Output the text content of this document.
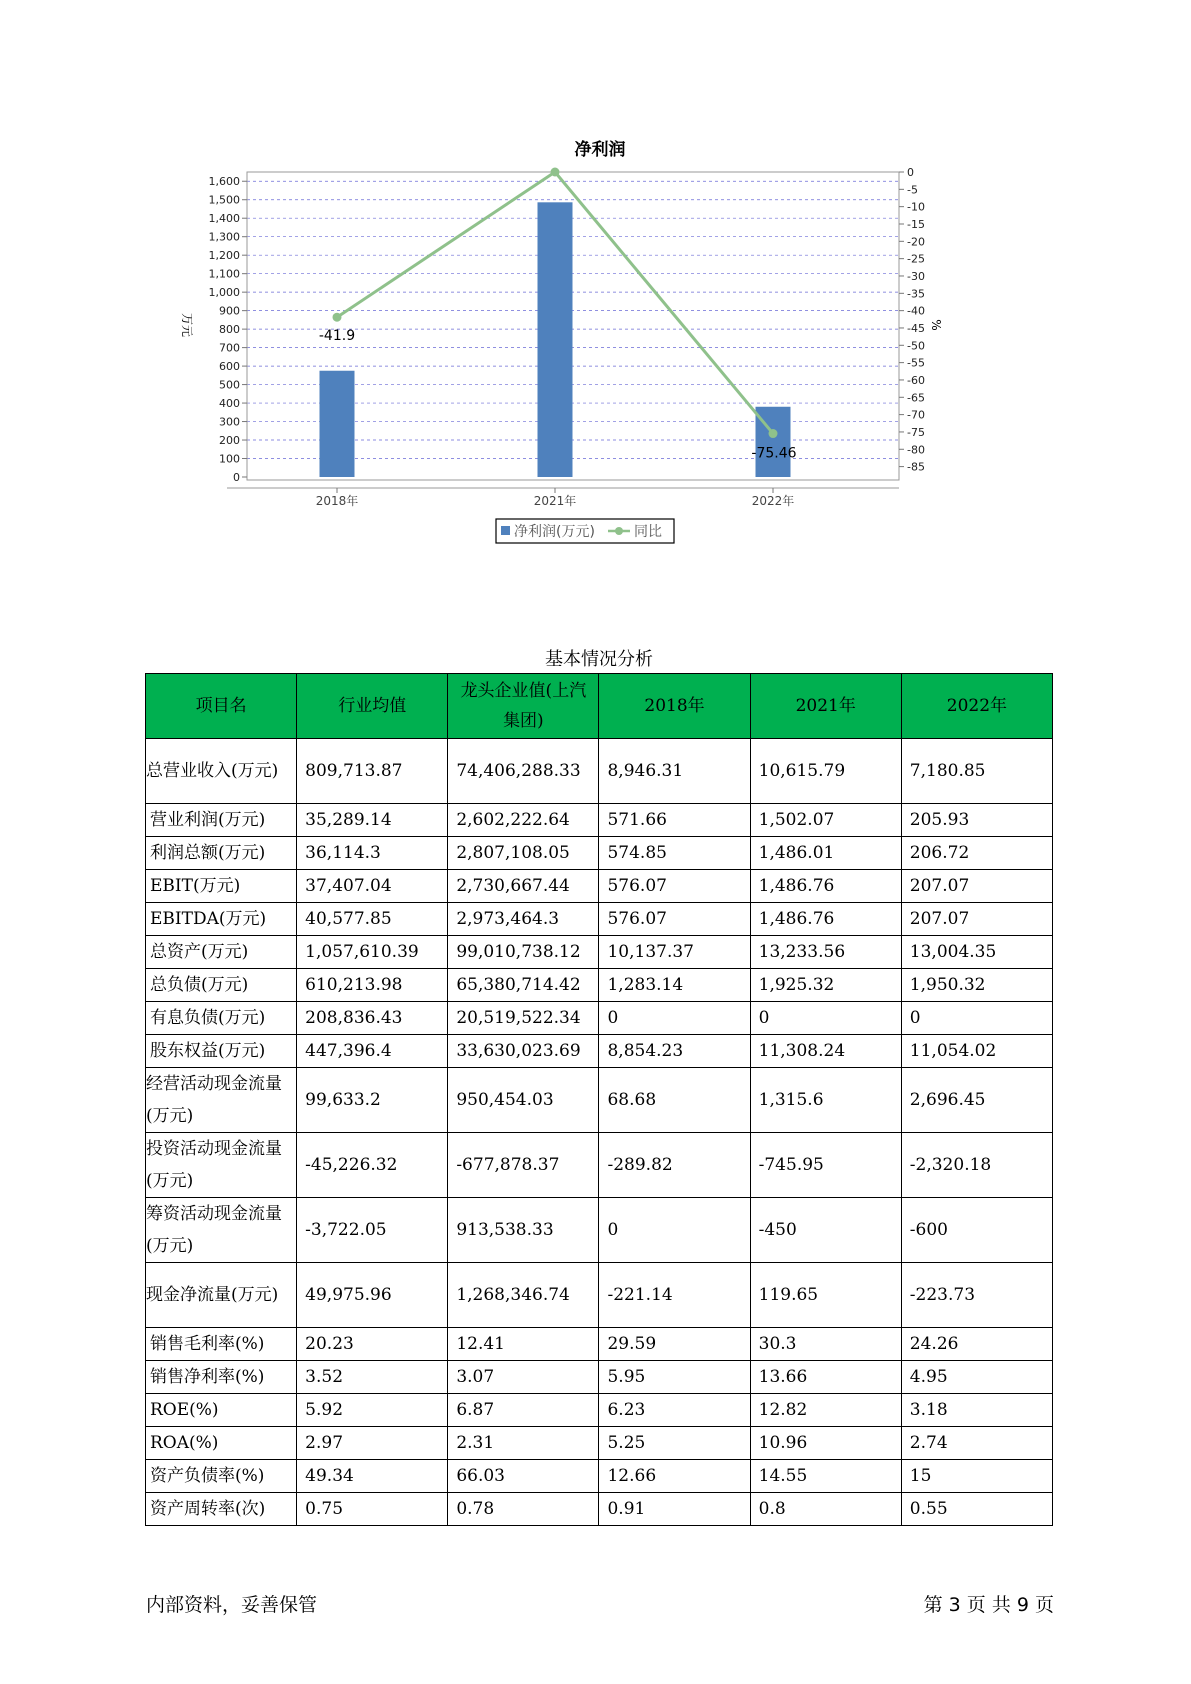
净利润
0
100
200
300
400
500
600
700
800
900
1,000
1,100
1,200
1,300
1,400
1,500
1,600
0
-5
-10
-15
-20
-25
-30
-35
-40
-45
-50
-55
-60
-65
-70
-75
-80
-85
-41.9
-75.46
2018年	2021年	2022年
万元	%
净利润(万元)	同比
基本情况分析
项目名	行业均值	龙头企业值(上汽集团)	2018年	2021年	2022年
总营业收入(万元)	809,713.87	74,406,288.33	8,946.31	10,615.79	7,180.85
营业利润(万元)	35,289.14	2,602,222.64	571.66	1,502.07	205.93
利润总额(万元)	36,114.3	2,807,108.05	574.85	1,486.01	206.72
EBIT(万元)	37,407.04	2,730,667.44	576.07	1,486.76	207.07
EBITDA(万元)	40,577.85	2,973,464.3	576.07	1,486.76	207.07
总资产(万元)	1,057,610.39	99,010,738.12	10,137.37	13,233.56	13,004.35
总负债(万元)	610,213.98	65,380,714.42	1,283.14	1,925.32	1,950.32
有息负债(万元)	208,836.43	20,519,522.34	0	0	0
股东权益(万元)	447,396.4	33,630,023.69	8,854.23	11,308.24	11,054.02
经营活动现金流量(万元)	99,633.2	950,454.03	68.68	1,315.6	2,696.45
投资活动现金流量(万元)	-45,226.32	-677,878.37	-289.82	-745.95	-2,320.18
筹资活动现金流量(万元)	-3,722.05	913,538.33	0	-450	-600
现金净流量(万元)	49,975.96	1,268,346.74	-221.14	119.65	-223.73
销售毛利率(%)	20.23	12.41	29.59	30.3	24.26
销售净利率(%)	3.52	3.07	5.95	13.66	4.95
ROE(%)	5.92	6.87	6.23	12.82	3.18
ROA(%)	2.97	2.31	5.25	10.96	2.74
资产负债率(%)	49.34	66.03	12.66	14.55	15
资产周转率(次)	0.75	0.78	0.91	0.8	0.55
内部资料，妥善保管	第 3 页 共 9 页
